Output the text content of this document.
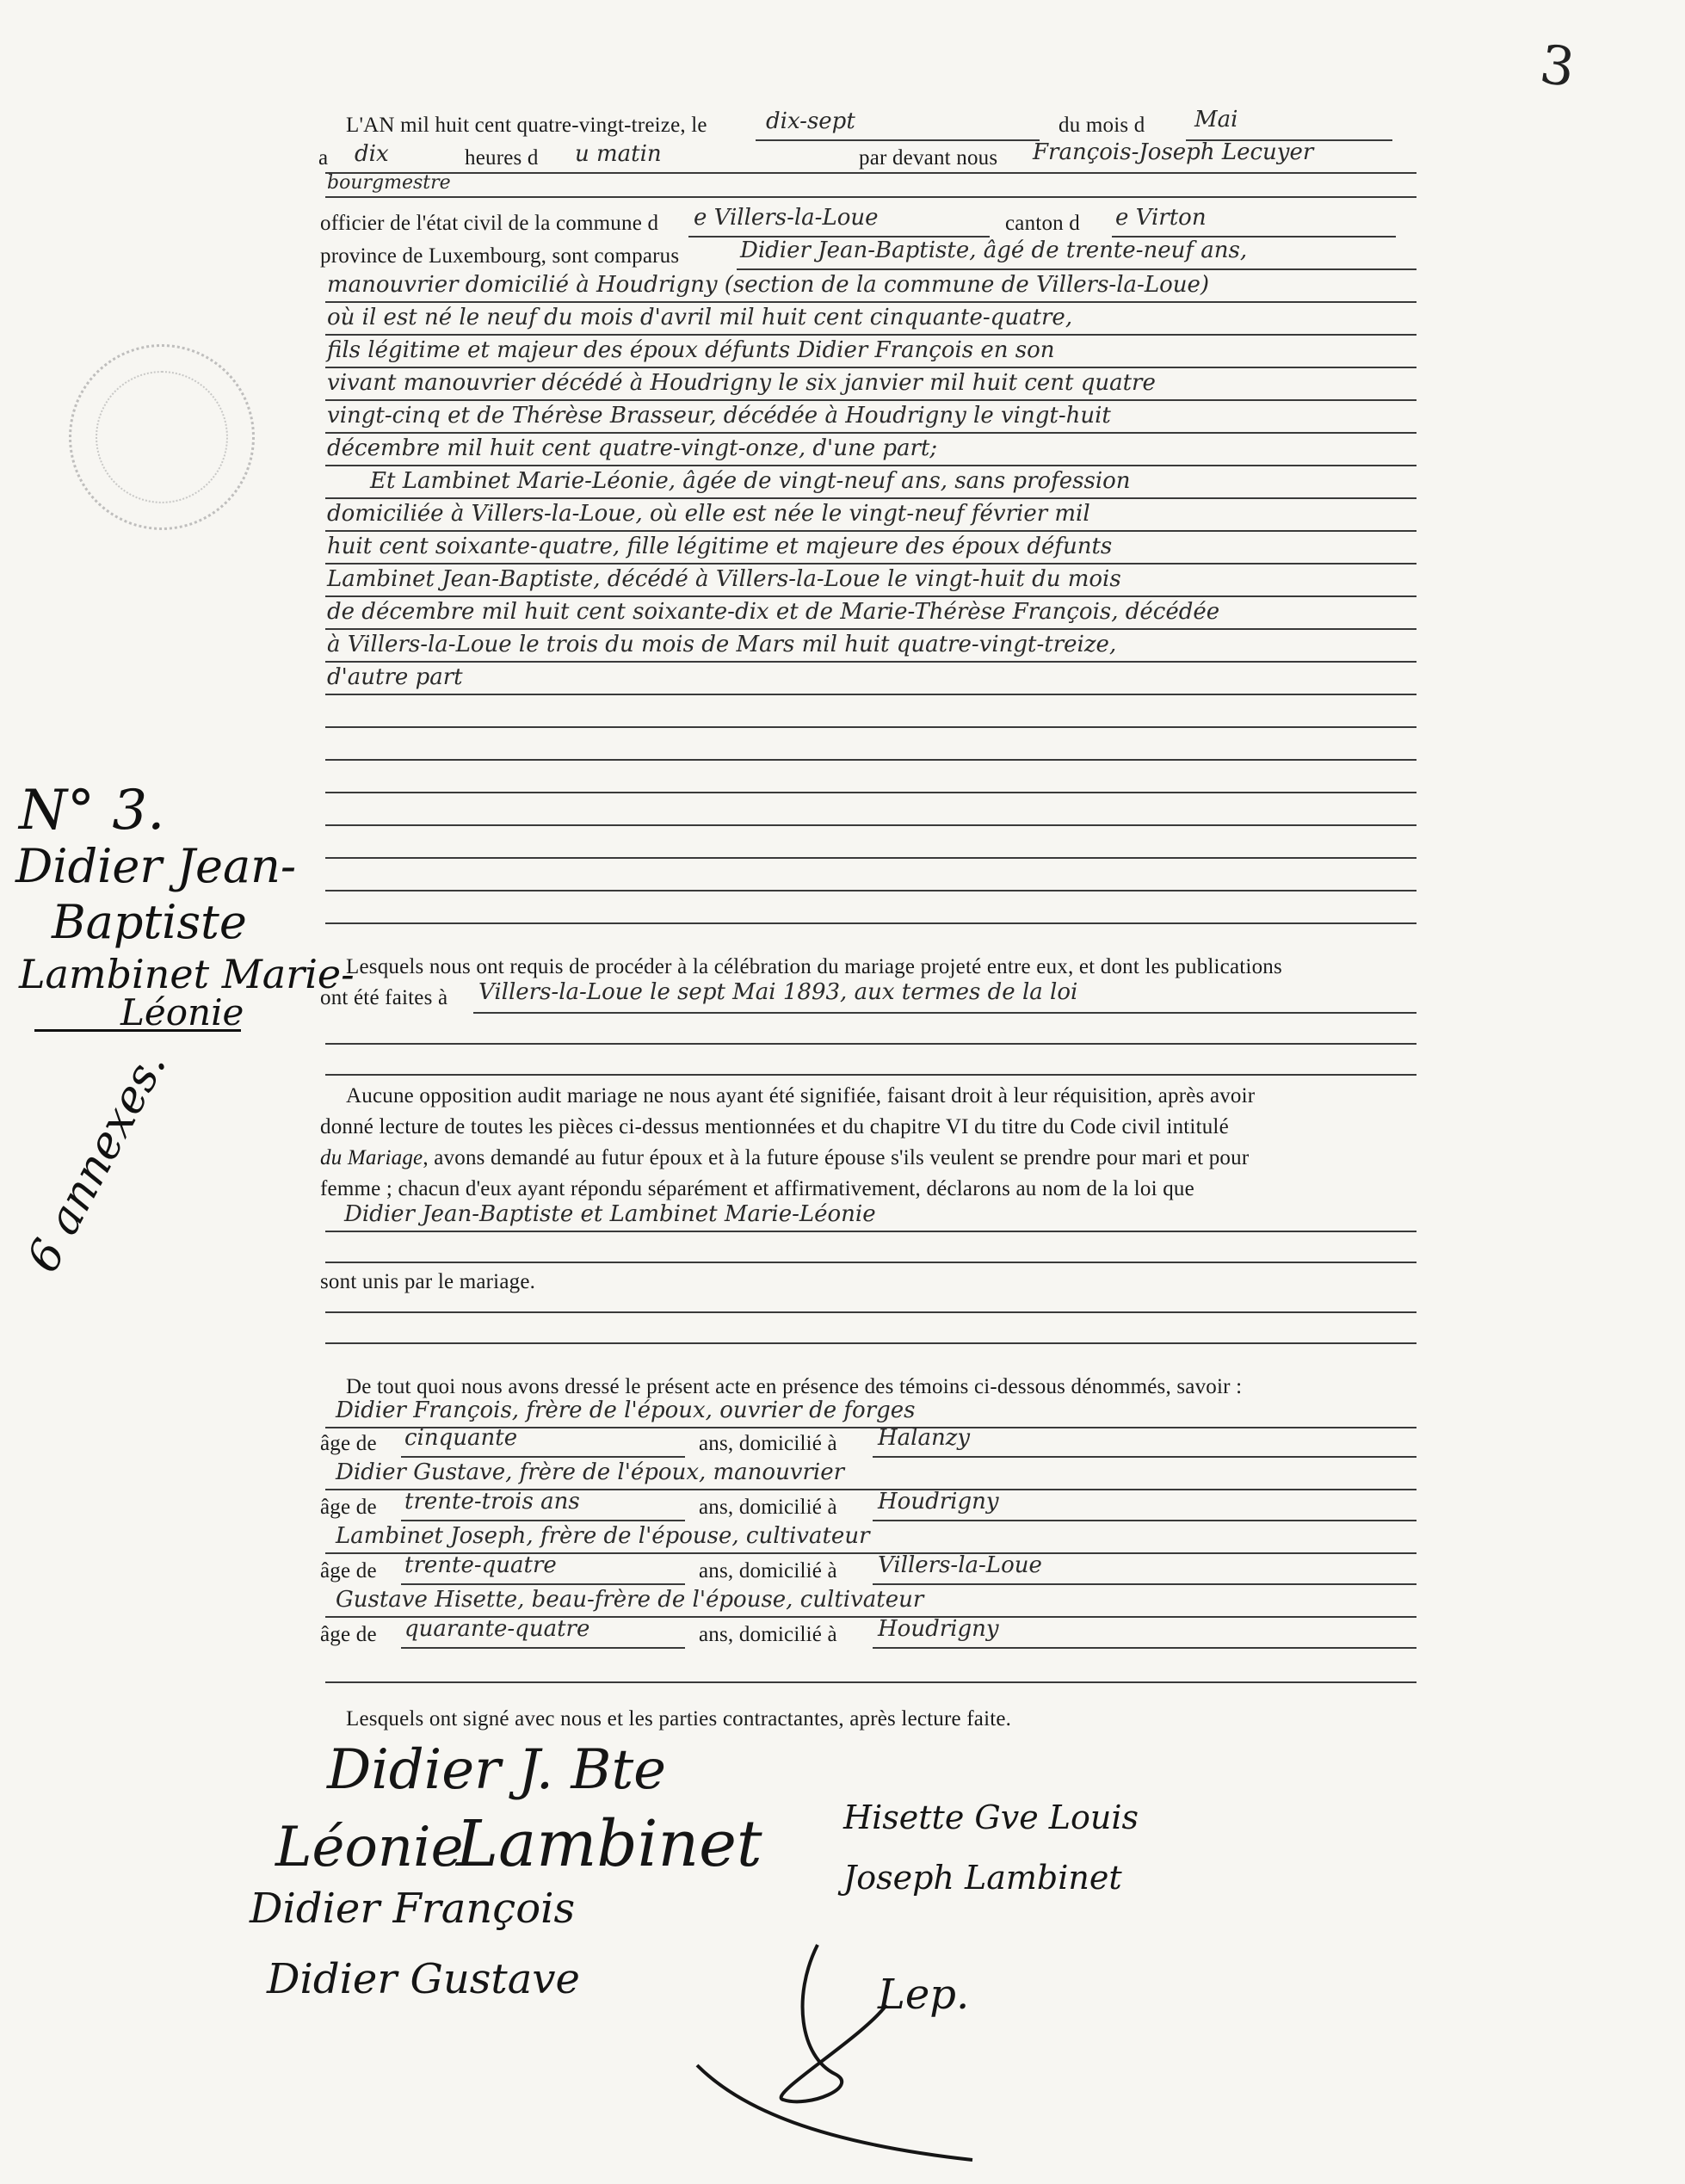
3
L'AN mil huit cent quatre-vingt-treize, le	dix-sept	du mois d Mai
a dix	heures d u matin	par devant nous François-Joseph Lecuyer
bourgmestre
officier de l'état civil de la commune d e Villers-la-Loue	canton d e Virton
province de Luxembourg, sont comparus	Didier Jean-Baptiste, âgé de trente-neuf ans,
manouvrier domicilié à Houdrigny (section de la commune de Villers-la-Loue)
où il est né le neuf du mois d'avril mil huit cent cinquante-quatre,
fils légitime et majeur des époux défunts Didier François en son
vivant manouvrier décédé à Houdrigny le six janvier mil huit cent quatre
vingt-cinq et de Thérèse Brasseur, décédée à Houdrigny le vingt-huit
décembre mil huit cent quatre-vingt-onze, d'une part;
Et Lambinet Marie-Léonie, âgée de vingt-neuf ans, sans profession
domiciliée à Villers-la-Loue, où elle est née le vingt-neuf février mil
huit cent soixante-quatre, fille légitime et majeure des époux défunts
Lambinet Jean-Baptiste, décédé à Villers-la-Loue le vingt-huit du mois
de décembre mil huit cent soixante-dix et de Marie-Thérèse François, décédée
à Villers-la-Loue le trois du mois de Mars mil huit quatre-vingt-treize,
d'autre part
N° 3.
Didier Jean-
Baptiste
Lambinet Marie-
Léonie
6 annexes.
Lesquels nous ont requis de procéder à la célébration du mariage projeté entre eux, et dont les publications
ont été faites à Villers-la-Loue le sept Mai 1893, aux termes de la loi
Aucune opposition audit mariage ne nous ayant été signifiée, faisant droit à leur réquisition, après avoir
donné lecture de toutes les pièces ci-dessus mentionnées et du chapitre VI du titre du Code civil intitulé
du Mariage, avons demandé au futur époux et à la future épouse s'ils veulent se prendre pour mari et pour
femme ; chacun d'eux ayant répondu séparément et affirmativement, déclarons au nom de la loi que
Didier Jean-Baptiste et Lambinet Marie-Léonie
sont unis par le mariage.
De tout quoi nous avons dressé le présent acte en présence des témoins ci-dessous dénommés, savoir :
Didier François, frère de l'époux, ouvrier de forges
âge de cinquante	ans, domicilié à Halanzy
Didier Gustave, frère de l'époux, manouvrier
âge de trente-trois ans	ans, domicilié à Houdrigny
Lambinet Joseph, frère de l'épouse, cultivateur
âge de trente-quatre	ans, domicilié à Villers-la-Loue
Gustave Hisette, beau-frère de l'épouse, cultivateur
âge de quarante-quatre	ans, domicilié à Houdrigny
Lesquels ont signé avec nous et les parties contractantes, après lecture faite.
Didier J. Bte
Léonie
Lambinet
Didier François
Didier Gustave
Hisette Gve Louis
Joseph Lambinet
Lep.
